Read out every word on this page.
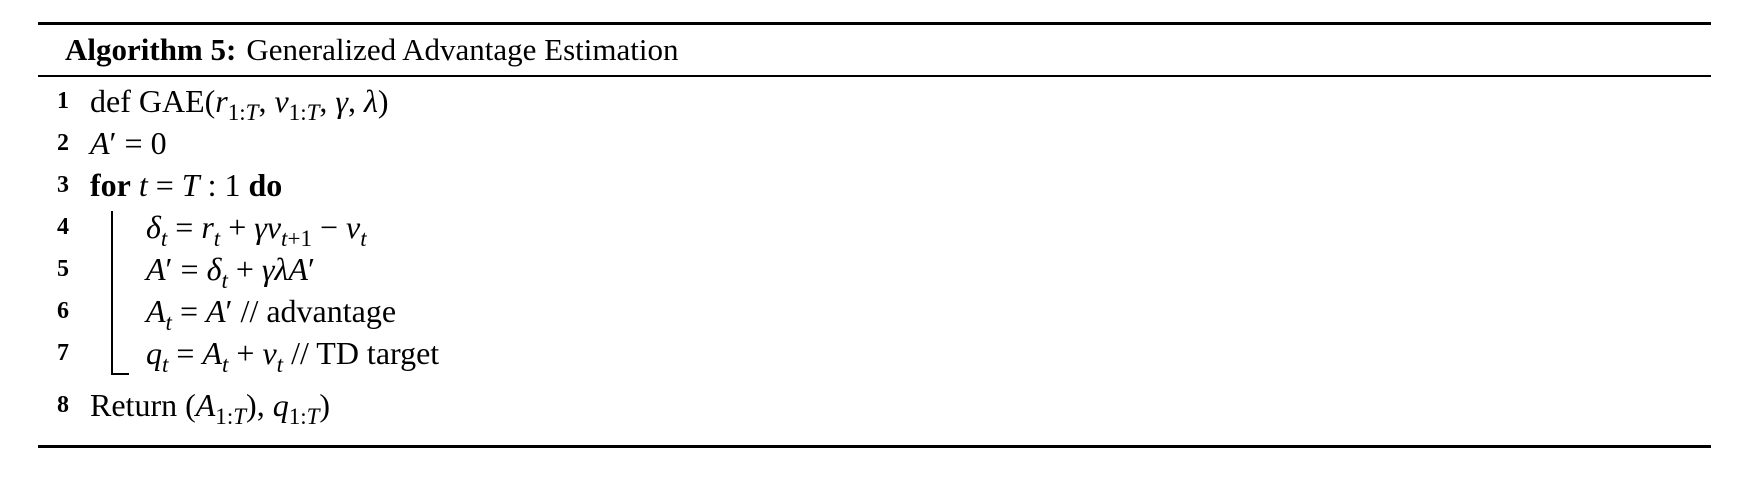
Algorithm 5: Generalized Advantage Estimation
1 def $GAE(r_{1:T}$, $v_{1:T}$, γ, λ)
2 A′ = 0
3 for t = T : 1 do
4 $\delta_t = r_t + \gamma v_{t+1} - v_t$
5 $A' = \delta_t + \gamma\lambda A'$
6 $A_t = A'$ // advantage
7 $q_t = A_t + v_t$ // TD target
8 Return $(A_{1:T})$, $q_{1:T}$)
